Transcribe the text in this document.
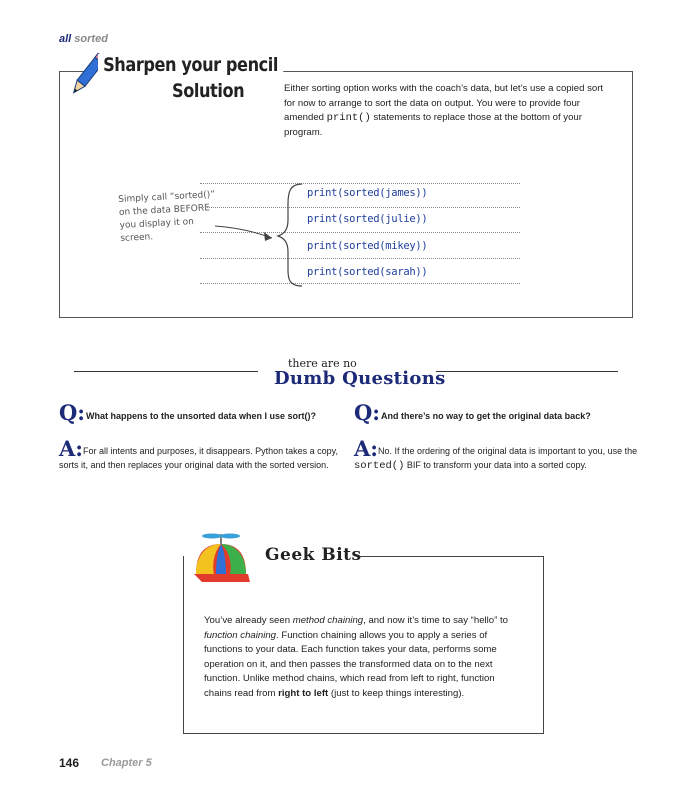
all sorted
Sharpen your pencil
Solution	Either sorting option works with the coach’s data, but let’s use a copied sort for now to arrange to sort the data on output. You were to provide four amended print() statements to replace those at the bottom of your program.
Simply call “sorted()” on the data BEFORE you display it on screen.
print(sorted(james))
print(sorted(julie))
print(sorted(mikey))
print(sorted(sarah))
there are no
Dumb Questions
Q: What happens to the unsorted data when I use sort()?
A: For all intents and purposes, it disappears. Python takes a copy, sorts it, and then replaces your original data with the sorted version.
Q: And there’s no way to get the original data back?
A: No. If the ordering of the original data is important to you, use the sorted() BIF to transform your data into a sorted copy.
Geek Bits
You’ve already seen method chaining, and now it’s time to say “hello” to function chaining. Function chaining allows you to apply a series of functions to your data. Each function takes your data, performs some operation on it, and then passes the transformed data on to the next function. Unlike method chains, which read from left to right, function chains read from right to left (just to keep things interesting).
146 Chapter 5
